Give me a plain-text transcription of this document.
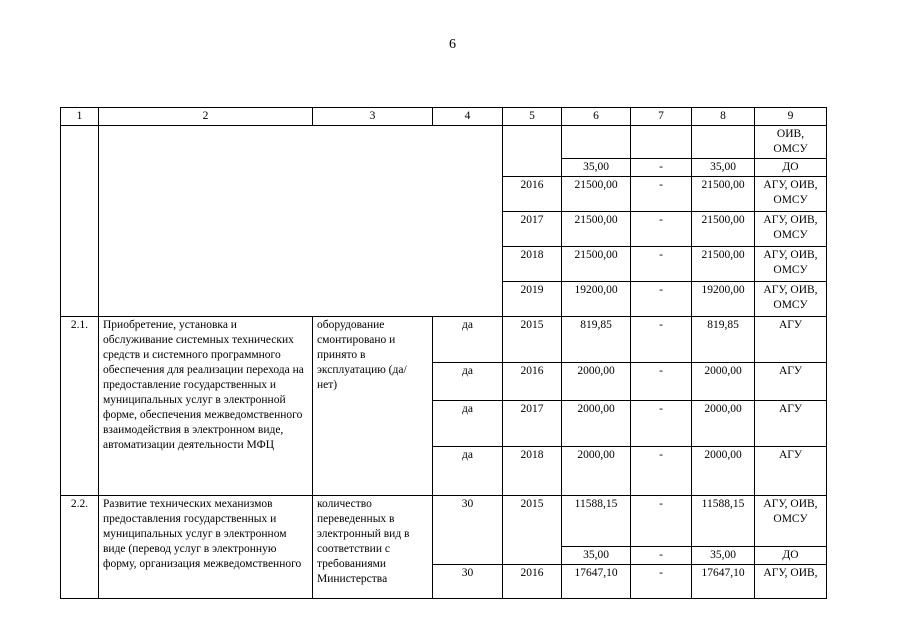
6
1	2	3	4	5	6	7	8	9
								ОИВ, ОМСУ
					35,00	-	35,00	ДО
				2016	21500,00	-	21500,00	АГУ, ОИВ, ОМСУ
				2017	21500,00	-	21500,00	АГУ, ОИВ, ОМСУ
				2018	21500,00	-	21500,00	АГУ, ОИВ, ОМСУ
				2019	19200,00	-	19200,00	АГУ, ОИВ, ОМСУ
2.1.	Приобретение, установка и обслуживание системных технических средств и системного программного обеспечения для реализации перехода на предоставление государственных и муниципальных услуг в электронной форме, обеспечения межведомственного взаимодействия в электронном виде, автоматизации деятельности МФЦ	оборудование смонтировано и принято в эксплуатацию (да/ нет)	да	2015	819,85	-	819,85	АГУ
			да	2016	2000,00	-	2000,00	АГУ
			да	2017	2000,00	-	2000,00	АГУ
			да	2018	2000,00	-	2000,00	АГУ
2.2.	Развитие технических механизмов предоставления государственных и муниципальных услуг в электронном виде (перевод услуг в электронную форму, организация межведомственного	количество переведенных в электронный вид в соответствии с требованиями Министерства	30	2015	11588,15	-	11588,15	АГУ, ОИВ, ОМСУ
					35,00	-	35,00	ДО
			30	2016	17647,10	-	17647,10	АГУ, ОИВ,
